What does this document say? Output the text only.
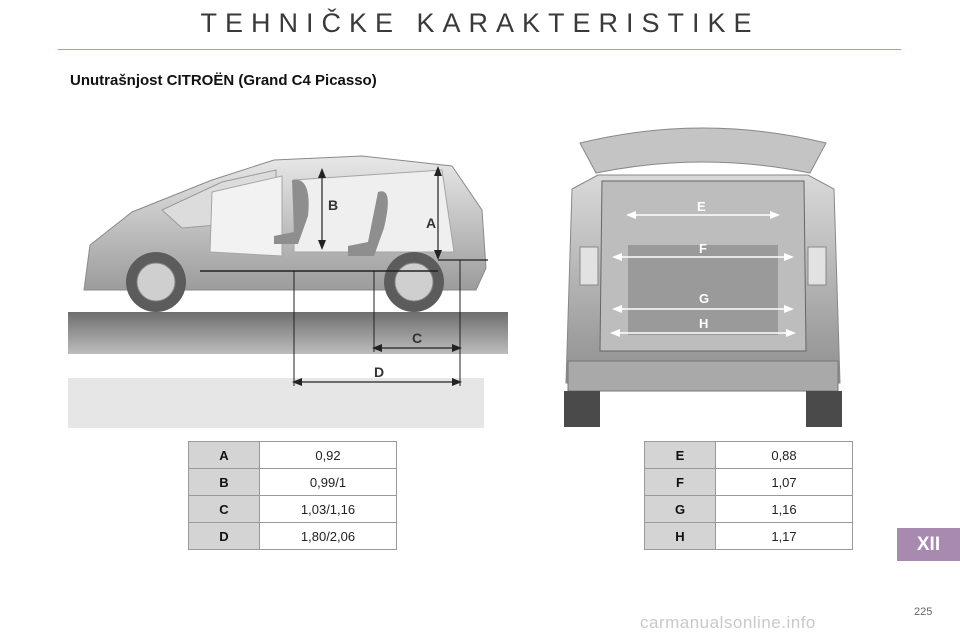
TEHNIČKE KARAKTERISTIKE
Unutrašnjost CITROËN (Grand C4 Picasso)
B
A
C
D
E
F
G
H
A	0,92
B	0,99/1
C	1,03/1,16
D	1,80/2,06
E	0,88
F	1,07
G	1,16
H	1,17	XII
225
carmanualsonline.info
